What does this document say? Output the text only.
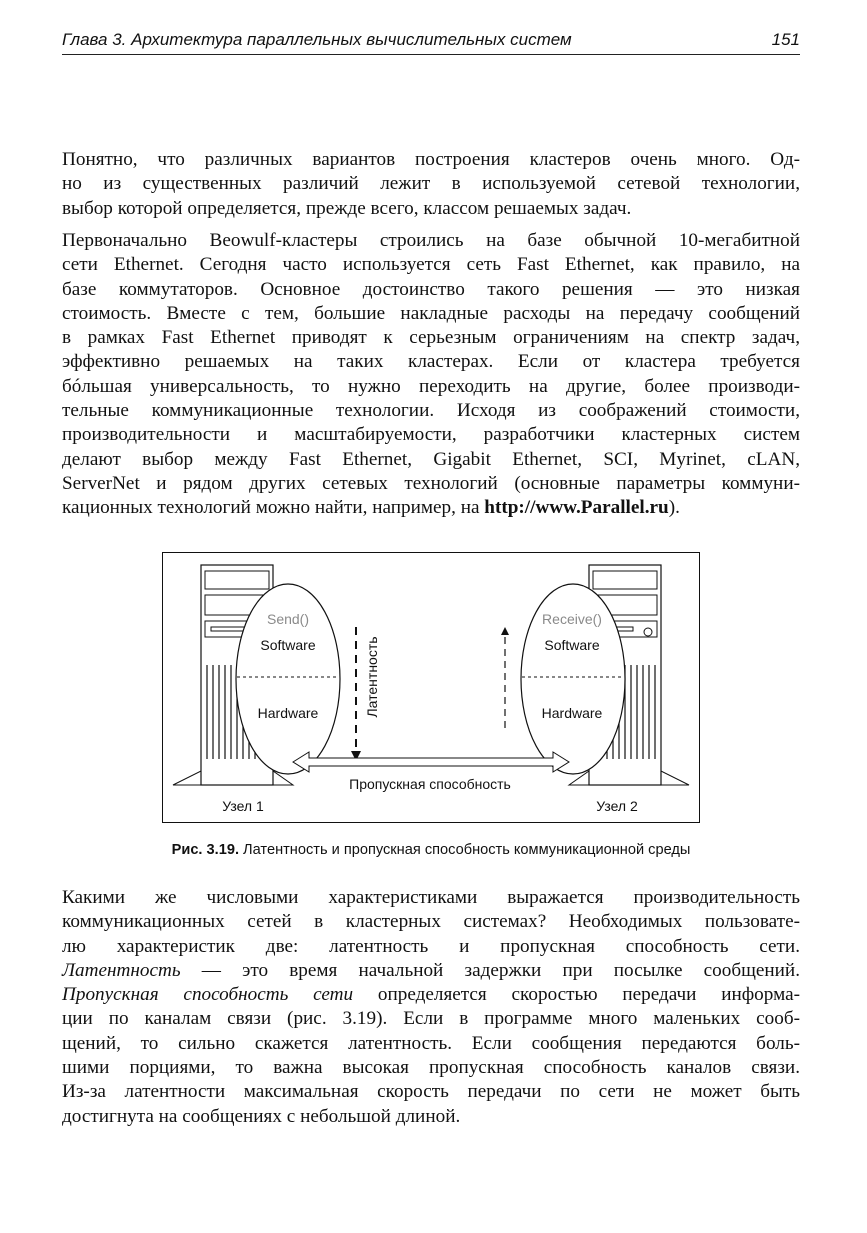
Глава 3. Архитектура параллельных вычислительных систем	151
Понятно, что различных вариантов построения кластеров очень много. Од-
но из существенных различий лежит в используемой сетевой технологии,
выбор которой определяется, прежде всего, классом решаемых задач.
Первоначально Beowulf-кластеры строились на базе обычной 10-мегабитной
сети Ethernet. Сегодня часто используется сеть Fast Ethernet, как правило, на
базе коммутаторов. Основное достоинство такого решения — это низкая
стоимость. Вместе с тем, большие накладные расходы на передачу сообщений
в рамках Fast Ethernet приводят к серьезным ограничениям на спектр задач,
эффективно решаемых на таких кластерах. Если от кластера требуется
бóльшая универсальность, то нужно переходить на другие, более производи-
тельные коммуникационные технологии. Исходя из соображений стоимости,
производительности и масштабируемости, разработчики кластерных систем
делают выбор между Fast Ethernet, Gigabit Ethernet, SCI, Myrinet, cLAN,
ServerNet и рядом других сетевых технологий (основные параметры коммуни-
кационных технологий можно найти, например, на http://www.Parallel.ru).
Send()
Software
Hardware
Receive()
Software
Hardware
Латентность
Пропускная способность
Узел 1	Узел 2
Рис. 3.19. Латентность и пропускная способность коммуникационной среды
Какими же числовыми характеристиками выражается производительность
коммуникационных сетей в кластерных системах? Необходимых пользовате-
лю характеристик две: латентность и пропускная способность сети.
Латентность — это время начальной задержки при посылке сообщений.
Пропускная способность сети определяется скоростью передачи информа-
ции по каналам связи (рис. 3.19). Если в программе много маленьких сооб-
щений, то сильно скажется латентность. Если сообщения передаются боль-
шими порциями, то важна высокая пропускная способность каналов связи.
Из-за латентности максимальная скорость передачи по сети не может быть
достигнута на сообщениях с небольшой длиной.
